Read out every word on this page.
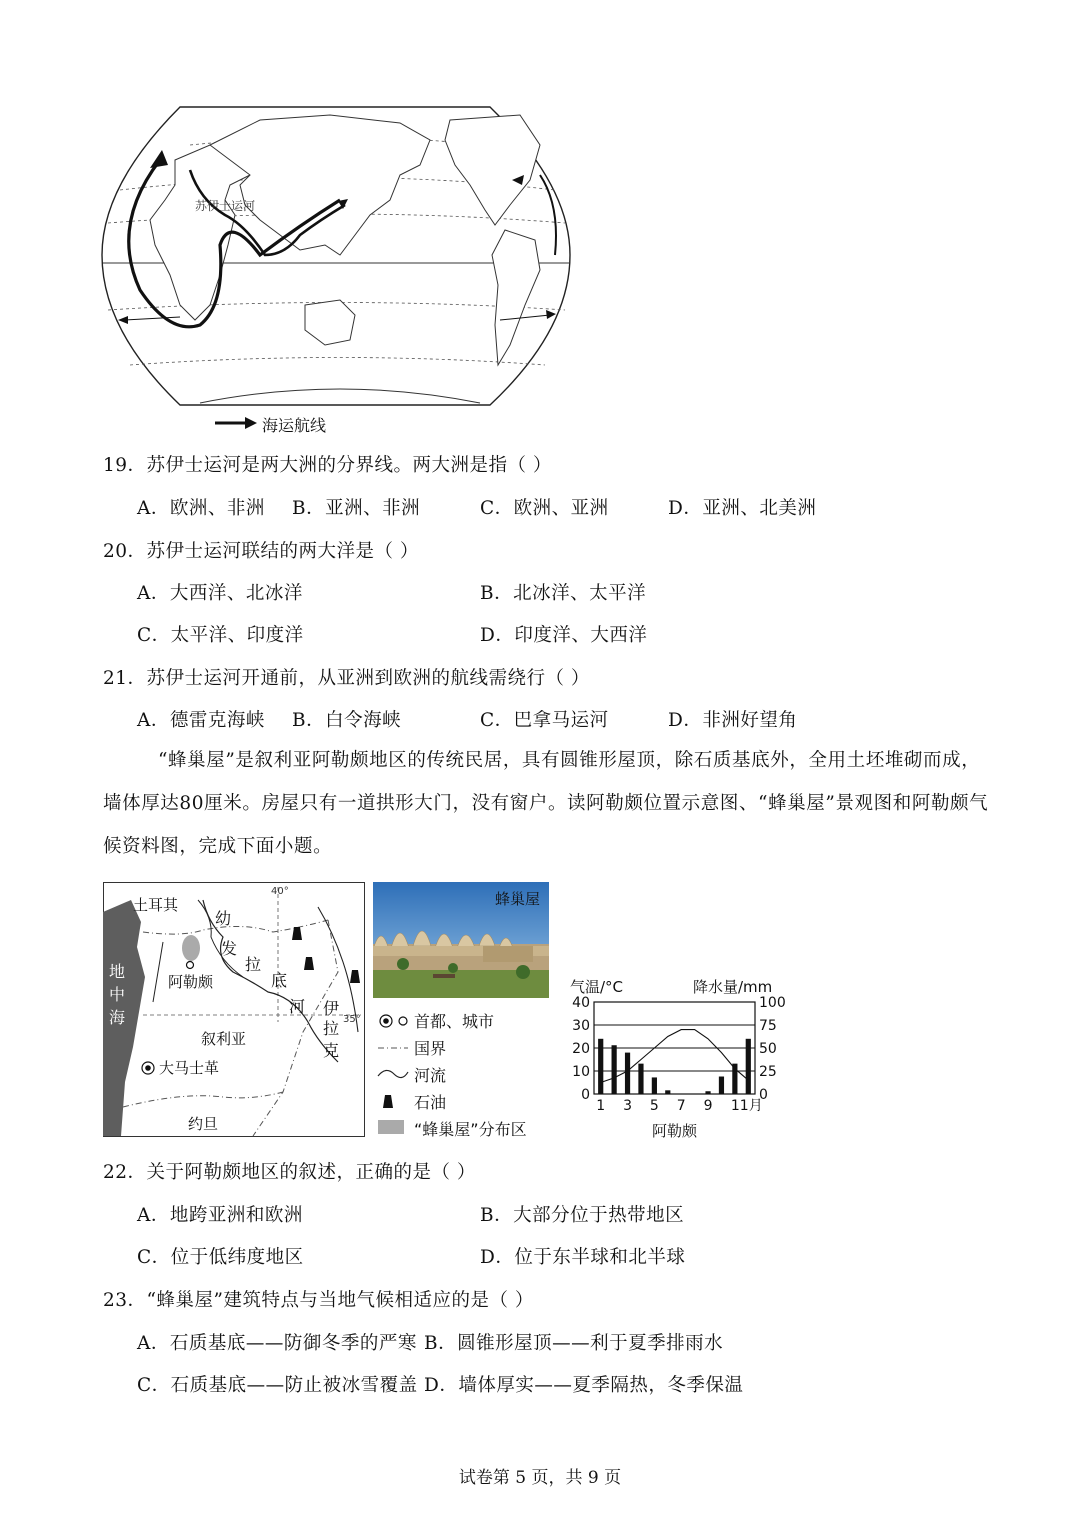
苏伊士运河
海运航线
19．苏伊士运河是两大洲的分界线。两大洲是指（ ）
A．欧洲、非洲 B．亚洲、非洲	C．欧洲、亚洲	D．亚洲、北美洲
20．苏伊士运河联结的两大洋是（ ）
A．大西洋、北冰洋	B．北冰洋、太平洋
C．太平洋、印度洋	D．印度洋、大西洋
21．苏伊士运河开通前，从亚洲到欧洲的航线需绕行（ ）
A．德雷克海峡 B．白令海峡	C．巴拿马运河	D．非洲好望角
“蜂巢屋”是叙利亚阿勒颇地区的传统民居，具有圆锥形屋顶，除石质基底外，全用土坯堆砌而成，
墙体厚达80厘米。房屋只有一道拱形大门，没有窗户。读阿勒颇位置示意图、“蜂巢屋”景观图和阿勒颇气
候资料图，完成下面小题。
土耳其
40°
35°
幼
发
拉
底
河 伊
拉
克
地
中
海
阿勒颇
叙利亚
大马士革
约旦
蜂巢屋
首都、城市
国界
河流
石油
“蜂巢屋”分布区
气温/°C	降水量/mm
40	100
30	75
20	50
10	25
0	0
1 3 5 7 9 11月
阿勒颇
22．关于阿勒颇地区的叙述，正确的是（ ）
A．地跨亚洲和欧洲	B．大部分位于热带地区
C．位于低纬度地区	D．位于东半球和北半球
23．“蜂巢屋”建筑特点与当地气候相适应的是（ ）
A．石质基底——防御冬季的严寒 B．圆锥形屋顶——利于夏季排雨水
C．石质基底——防止被冰雪覆盖 D．墙体厚实——夏季隔热，冬季保温
试卷第 5 页，共 9 页
